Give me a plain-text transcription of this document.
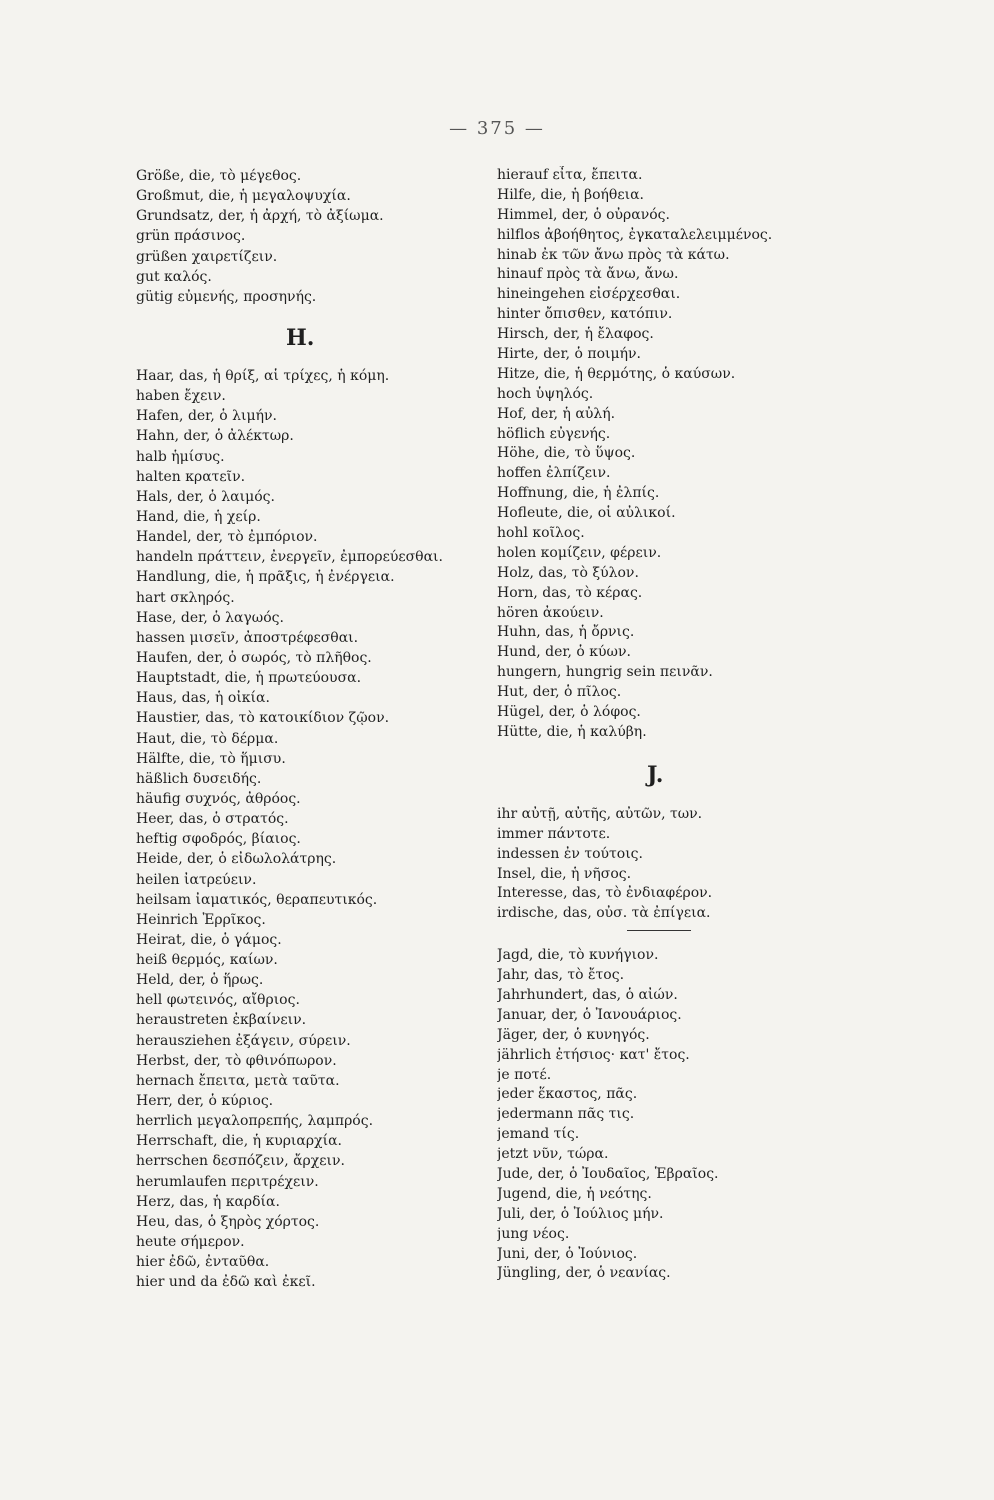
— 375 —
Größe, die, τὸ μέγεθος.
Großmut, die, ἡ μεγαλοψυχία.
Grundsatz, der, ἡ ἀρχή, τὸ ἀξίωμα.
grün πράσινος.
grüßen χαιρετίζειν.
gut καλός.
gütig εὐμενής, προσηνής.
H.
Haar, das, ἡ θρίξ, αἱ τρίχες, ἡ κόμη.
haben ἔχειν.
Hafen, der, ὁ λιμήν.
Hahn, der, ὁ ἀλέκτωρ.
halb ἡμίσυς.
halten κρατεῖν.
Hals, der, ὁ λαιμός.
Hand, die, ἡ χείρ.
Handel, der, τὸ ἐμπόριον.
handeln πράττειν, ἐνεργεῖν, ἐμπορεύεσθαι.
Handlung, die, ἡ πρᾶξις, ἡ ἐνέργεια.
hart σκληρός.
Hase, der, ὁ λαγωός.
hassen μισεῖν, ἀποστρέφεσθαι.
Haufen, der, ὁ σωρός, τὸ πλῆθος.
Hauptstadt, die, ἡ πρωτεύουσα.
Haus, das, ἡ οἰκία.
Haustier, das, τὸ κατοικίδιον ζῷον.
Haut, die, τὸ δέρμα.
Hälfte, die, τὸ ἥμισυ.
häßlich δυσειδής.
häufig συχνός, ἀθρόος.
Heer, das, ὁ στρατός.
heftig σφοδρός, βίαιος.
Heide, der, ὁ εἰδωλολάτρης.
heilen ἰατρεύειν.
heilsam ἰαματικός, θεραπευτικός.
Heinrich Ἐρρῖκος.
Heirat, die, ὁ γάμος.
heiß θερμός, καίων.
Held, der, ὁ ἥρως.
hell φωτεινός, αἴθριος.
heraustreten ἐκβαίνειν.
herausziehen ἐξάγειν, σύρειν.
Herbst, der, τὸ φθινόπωρον.
hernach ἔπειτα, μετὰ ταῦτα.
Herr, der, ὁ κύριος.
herrlich μεγαλοπρεπής, λαμπρός.
Herrschaft, die, ἡ κυριαρχία.
herrschen δεσπόζειν, ἄρχειν.
herumlaufen περιτρέχειν.
Herz, das, ἡ καρδία.
Heu, das, ὁ ξηρὸς χόρτος.
heute σήμερον.
hier ἐδῶ, ἐνταῦθα.
hier und da ἐδῶ καὶ ἐκεῖ.
hierauf εἶτα, ἔπειτα.
Hilfe, die, ἡ βοήθεια.
Himmel, der, ὁ οὐρανός.
hilflos ἀβοήθητος, ἐγκαταλελειμμένος.
hinab ἐκ τῶν ἄνω πρὸς τὰ κάτω.
hinauf πρὸς τὰ ἄνω, ἄνω.
hineingehen εἰσέρχεσθαι.
hinter ὄπισθεν, κατόπιν.
Hirsch, der, ἡ ἔλαφος.
Hirte, der, ὁ ποιμήν.
Hitze, die, ἡ θερμότης, ὁ καύσων.
hoch ὑψηλός.
Hof, der, ἡ αὐλή.
höflich εὐγενής.
Höhe, die, τὸ ὕψος.
hoffen ἐλπίζειν.
Hoffnung, die, ἡ ἐλπίς.
Hofleute, die, οἱ αὐλικοί.
hohl κοῖλος.
holen κομίζειν, φέρειν.
Holz, das, τὸ ξύλον.
Horn, das, τὸ κέρας.
hören ἀκούειν.
Huhn, das, ἡ ὄρνις.
Hund, der, ὁ κύων.
hungern, hungrig sein πεινᾶν.
Hut, der, ὁ πῖλος.
Hügel, der, ὁ λόφος.
Hütte, die, ἡ καλύβη.
J.
ihr αὐτῇ, αὐτῆς, αὐτῶν, των.
immer πάντοτε.
indessen ἐν τούτοις.
Insel, die, ἡ νῆσος.
Interesse, das, τὸ ἐνδιαφέρον.
irdische, das, οὐσ. τὰ ἐπίγεια.
Jagd, die, τὸ κυνήγιον.
Jahr, das, τὸ ἔτος.
Jahrhundert, das, ὁ αἰών.
Januar, der, ὁ Ἰανουάριος.
Jäger, der, ὁ κυνηγός.
jährlich ἐτήσιος· κατ' ἔτος.
je ποτέ.
jeder ἕκαστος, πᾶς.
jedermann πᾶς τις.
jemand τίς.
jetzt νῦν, τώρα.
Jude, der, ὁ Ἰουδαῖος, Ἑβραῖος.
Jugend, die, ἡ νεότης.
Juli, der, ὁ Ἰούλιος μήν.
jung νέος.
Juni, der, ὁ Ἰούνιος.
Jüngling, der, ὁ νεανίας.
